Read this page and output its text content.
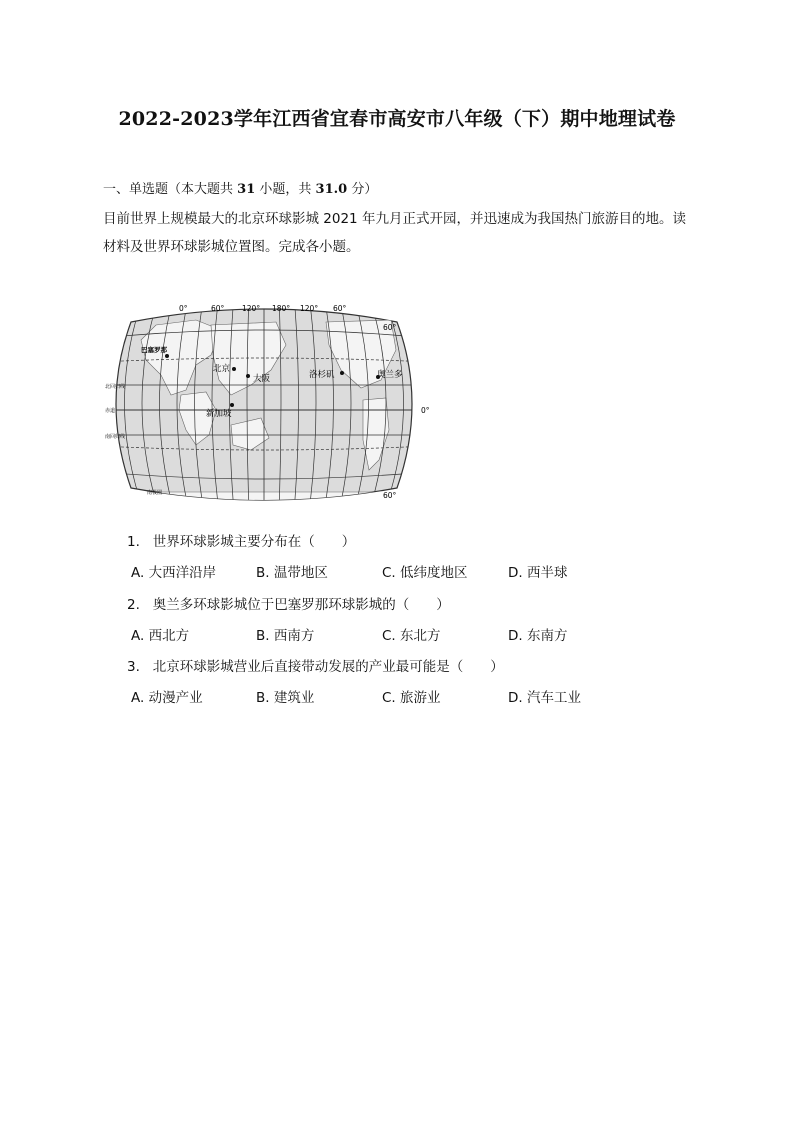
2022-2023学年江西省宜春市高安市八年级（下）期中地理试卷
一、单选题（本大题共 31 小题，共 31.0 分）
目前世界上规模最大的北京环球影城 2021 年九月正式开园，并迅速成为我国热门旅游目的地。读
材料及世界环球影城位置图。完成各小题。
0°	60° 120° 180° 120° 60°
60°
0°
60°
北回归线
赤道
南回归线
南极圈
巴塞罗那
北京
大阪	洛杉矶	奥兰多
新加坡
1. 世界环球影城主要分布在（　　）
A. 大西洋沿岸	B. 温带地区	C. 低纬度地区	D. 西半球
2. 奥兰多环球影城位于巴塞罗那环球影城的（　　）
A. 西北方	B. 西南方	C. 东北方	D. 东南方
3. 北京环球影城营业后直接带动发展的产业最可能是（　　）
A. 动漫产业	B. 建筑业	C. 旅游业	D. 汽车工业
